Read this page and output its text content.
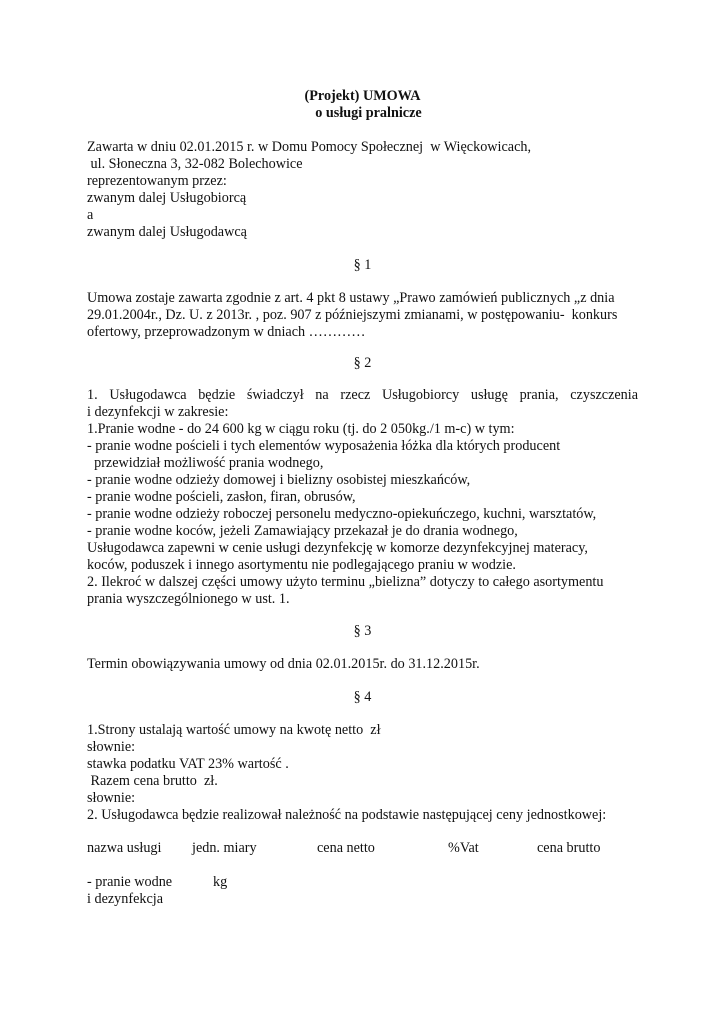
(Projekt) UMOWA
o usługi pralnicze
Zawarta w dniu 02.01.2015 r. w Domu Pomocy Społecznej  w Więckowicach,
ul. Słoneczna 3, 32-082 Bolechowice
reprezentowanym przez:
zwanym dalej Usługobiorcą
a
zwanym dalej Usługodawcą
§ 1
Umowa zostaje zawarta zgodnie z art. 4 pkt 8 ustawy „Prawo zamówień publicznych „z dnia
29.01.2004r., Dz. U. z 2013r. , poz. 907 z późniejszymi zmianami, w postępowaniu-  konkurs
ofertowy, przeprowadzonym w dniach …………
§ 2
1. Usługodawca będzie świadczył na rzecz Usługobiorcy usługę prania, czyszczenia
i dezynfekcji w zakresie:
1.Pranie wodne - do 24 600 kg w ciągu roku (tj. do 2 050kg./1 m-c) w tym:
- pranie wodne pościeli i tych elementów wyposażenia łóżka dla których producent
przewidział możliwość prania wodnego,
- pranie wodne odzieży domowej i bielizny osobistej mieszkańców,
- pranie wodne pościeli, zasłon, firan, obrusów,
- pranie wodne odzieży roboczej personelu medyczno-opiekuńczego, kuchni, warsztatów,
- pranie wodne koców, jeżeli Zamawiający przekazał je do drania wodnego,
Usługodawca zapewni w cenie usługi dezynfekcję w komorze dezynfekcyjnej materacy,
koców, poduszek i innego asortymentu nie podlegającego praniu w wodzie.
2. Ilekroć w dalszej części umowy użyto terminu „bielizna” dotyczy to całego asortymentu
prania wyszczególnionego w ust. 1.
§ 3
Termin obowiązywania umowy od dnia 02.01.2015r. do 31.12.2015r.
§ 4
1.Strony ustalają wartość umowy na kwotę netto  zł
słownie:
stawka podatku VAT 23% wartość .
Razem cena brutto  zł.
słownie:
2. Usługodawca będzie realizował należność na podstawie następującej ceny jednostkowej:
nazwa usługi jedn. miary	cena netto	%Vat	cena brutto
- pranie wodne	kg
i dezynfekcja
